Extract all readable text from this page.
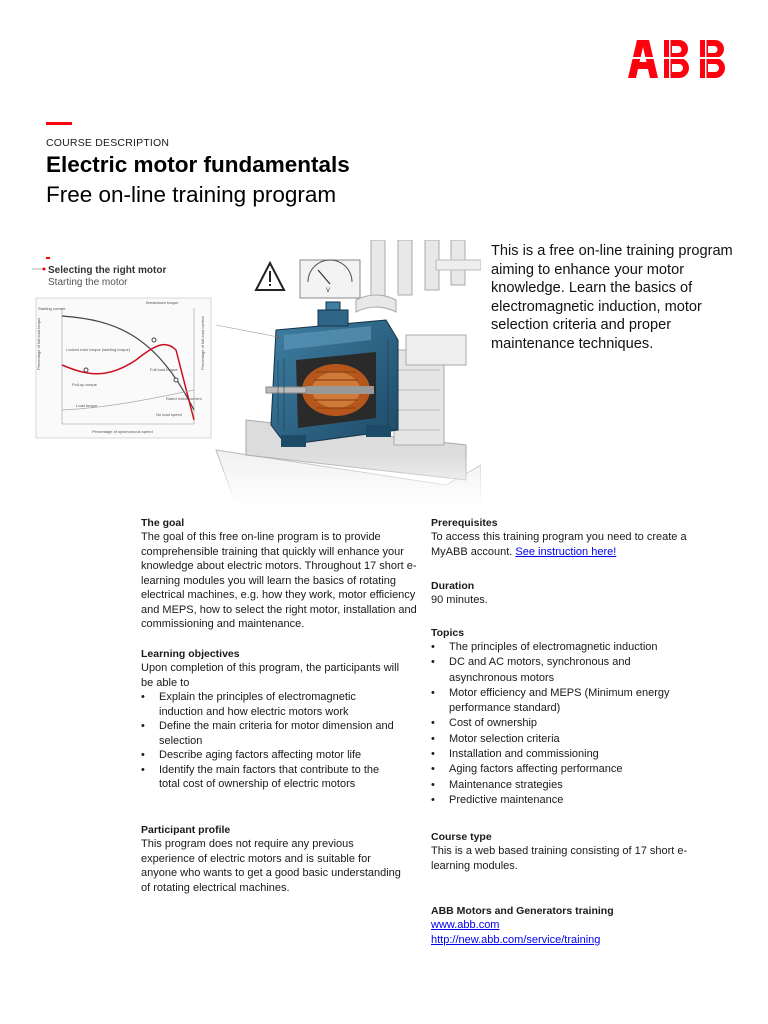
COURSE DESCRIPTION
Electric motor fundamentals
Free on-line training program
Selecting the right motor
Starting the motor
Percentage of full-load torque	Percentage of full-load current
Percentage of synchronous speed
Breakdown torque
Locked rotor torque (starting torque)
Pull-up torque
Full load torque
Load torque
Rated motor current
No load speed
Starting current
V
This is a free on-line training program aiming to enhance your motor knowledge. Learn the basics of electromagnetic induction, motor selection criteria and proper maintenance techniques.
The goal

The goal of this free on-line program is to provide comprehensible training that quickly will enhance your knowledge about electric motors. Throughout 17 short e-learning modules you will learn the basics of rotating electrical machines, e.g. how they work, motor efficiency and MEPS, how to select the right motor, installation and commissioning and maintenance.

Learning objectives

Upon completion of this program, the participants will be able to

• Explain the principles of electromagnetic induction and how electric motors work
• Define the main criteria for motor dimension and selection
• Describe aging factors affecting motor life
• Identify the main factors that contribute to the total cost of ownership of electric motors
Participant profile

This program does not require any previous experience of electric motors and is suitable for anyone who wants to get a good basic understanding of rotating electrical machines.

Prerequisites

To access this training program you need to create a MyABB account. See instruction here!

Duration

90 minutes.

Topics
• The principles of electromagnetic induction
• DC and AC motors, synchronous and asynchronous motors
• Motor efficiency and MEPS (Minimum energy performance standard)
• Cost of ownership
• Motor selection criteria
• Installation and commissioning
• Aging factors affecting performance
• Maintenance strategies
• Predictive maintenance
Course type

This is a web based training consisting of 17 short e-learning modules.

ABB Motors and Generators training

www.abb.com

http://new.abb.com/service/training
